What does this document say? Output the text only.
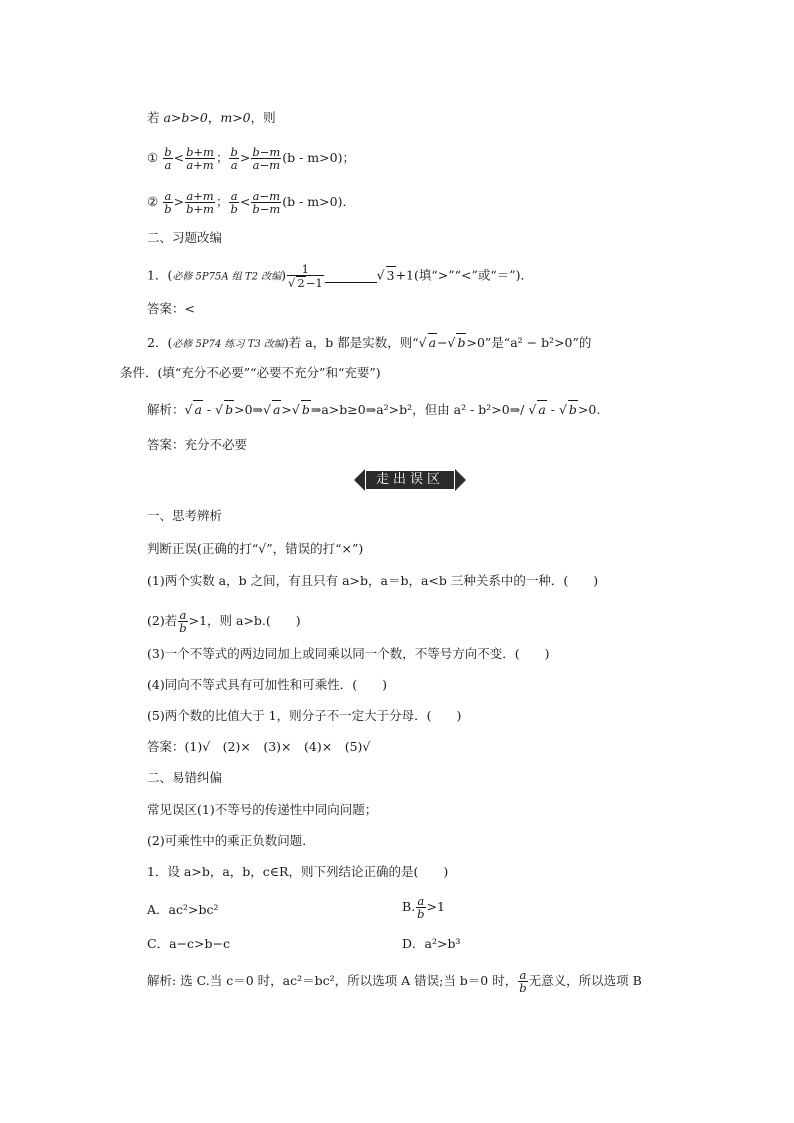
若 a>b>0，m>0，则
① $\frac{b}{a} < \frac{b+m}{a+m}$ ； $\frac{b}{a} > \frac{b-m}{a-m} (b - m>0)$；
② $\frac{a}{b} > \frac{a+m}{b+m}$ ； $\frac{a}{b} < \frac{a-m}{b-m} (b - m>0)$．
二、习题改编
1．(必修 5P75A 组 T2 改编) $\frac{1}{√ 2-1}$	√ 3+1(填“>”“<”或“＝”)．
答案：<
2．(必修 5P74 练习 T3 改编)若 a，b 都是实数，则“√ a−√ b>0”是“a² − b²>0”的
条件．(填“充分不必要”“必要不充分”和“充要”)
解析：√ a - √ b>0⇒√ a>√ b⇒a>b≥0⇒a²>b²，但由 a² - b²>0⇒/ √ a - √ b>0.
答案：充分不必要
走出误区
一、思考辨析
判断正误(正确的打“√”，错误的打“×”)
(1)两个实数 a，b 之间，有且只有 a>b，a＝b，a<b 三种关系中的一种．(　　)
(2)若 $\frac{a}{b} >1$，则 a>b.(　　)
(3)一个不等式的两边同加上或同乘以同一个数，不等号方向不变．(　　)
(4)同向不等式具有可加性和可乘性．(　　)
(5)两个数的比值大于 1，则分子不一定大于分母．(　　)
答案：(1)√　(2)×　(3)×　(4)×　(5)√
二、易错纠偏
常见误区(1)不等号的传递性中同向问题；
(2)可乘性中的乘正负数问题．
1．设 a>b，a，b，c∈R，则下列结论正确的是(　　)
A．ac²>bc²	B. $\frac{a}{b} >1$
C．a−c>b−c	D．a²>b³
解析: 选 C.当 c＝0 时，ac²＝bc²，所以选项 A 错误;当 b＝0 时， $\frac{a}{b}$ 无意义，所以选项 B
